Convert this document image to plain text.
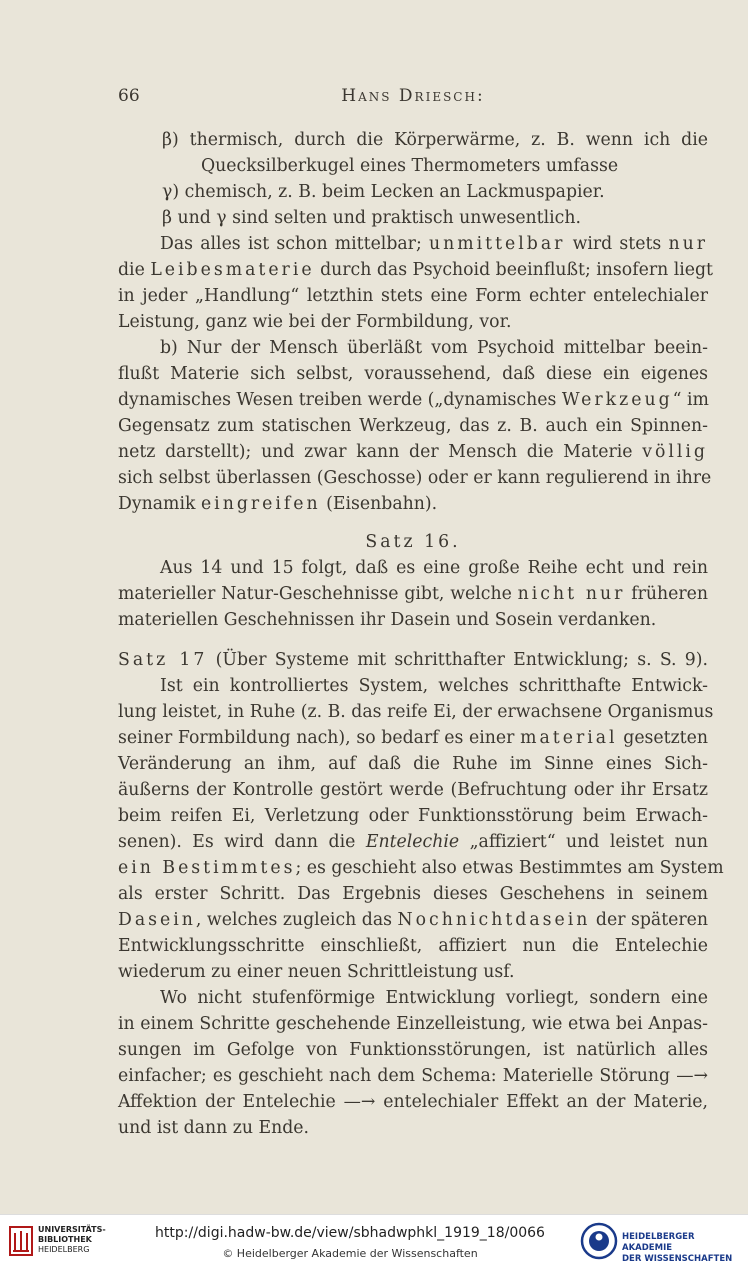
66	Hans Driesch:
β) thermisch, durch die Körperwärme, z. B. wenn ich die
Quecksilberkugel eines Thermometers umfasse
γ) chemisch, z. B. beim Lecken an Lackmuspapier.
β und γ sind selten und praktisch unwesentlich.
Das alles ist schon mittelbar; unmittelbar wird stets nur
die Leibesmaterie durch das Psychoid beeinflußt; insofern liegt
in jeder „Handlung“ letzthin stets eine Form echter entelechialer
Leistung, ganz wie bei der Formbildung, vor.
b) Nur der Mensch überläßt vom Psychoid mittelbar beein-
flußt Materie sich selbst, voraussehend, daß diese ein eigenes
dynamisches Wesen treiben werde („dynamisches Werkzeug“ im
Gegensatz zum statischen Werkzeug, das z. B. auch ein Spinnen-
netz darstellt); und zwar kann der Mensch die Materie völlig
sich selbst überlassen (Geschosse) oder er kann regulierend in ihre
Dynamik eingreifen (Eisenbahn).
Satz 16.
Aus 14 und 15 folgt, daß es eine große Reihe echt und rein
materieller Natur-Geschehnisse gibt, welche nicht nur früheren
materiellen Geschehnissen ihr Dasein und Sosein verdanken.
Satz 17 (Über Systeme mit schritthafter Entwicklung; s. S. 9).
Ist ein kontrolliertes System, welches schritthafte Entwick-
lung leistet, in Ruhe (z. B. das reife Ei, der erwachsene Organismus
seiner Formbildung nach), so bedarf es einer material gesetzten
Veränderung an ihm, auf daß die Ruhe im Sinne eines Sich-
äußerns der Kontrolle gestört werde (Befruchtung oder ihr Ersatz
beim reifen Ei, Verletzung oder Funktionsstörung beim Erwach-
senen). Es wird dann die Entelechie „affiziert“ und leistet nun
ein Bestimmtes; es geschieht also etwas Bestimmtes am System
als erster Schritt. Das Ergebnis dieses Geschehens in seinem
Dasein, welches zugleich das Nochnichtdasein der späteren
Entwicklungsschritte einschließt, affiziert nun die Entelechie
wiederum zu einer neuen Schrittleistung usf.
Wo nicht stufenförmige Entwicklung vorliegt, sondern eine
in einem Schritte geschehende Einzelleistung, wie etwa bei Anpas-
sungen im Gefolge von Funktionsstörungen, ist natürlich alles
einfacher; es geschieht nach dem Schema: Materielle Störung —→
Affektion der Entelechie —→ entelechialer Effekt an der Materie,
und ist dann zu Ende.
UNIVERSITÄTS-
BIBLIOTHEK
HEIDELBERG
http://digi.hadw-bw.de/view/sbhadwphkl_1919_18/0066
© Heidelberger Akademie der Wissenschaften
HEIDELBERGER AKADEMIE
DER WISSENSCHAFTEN
